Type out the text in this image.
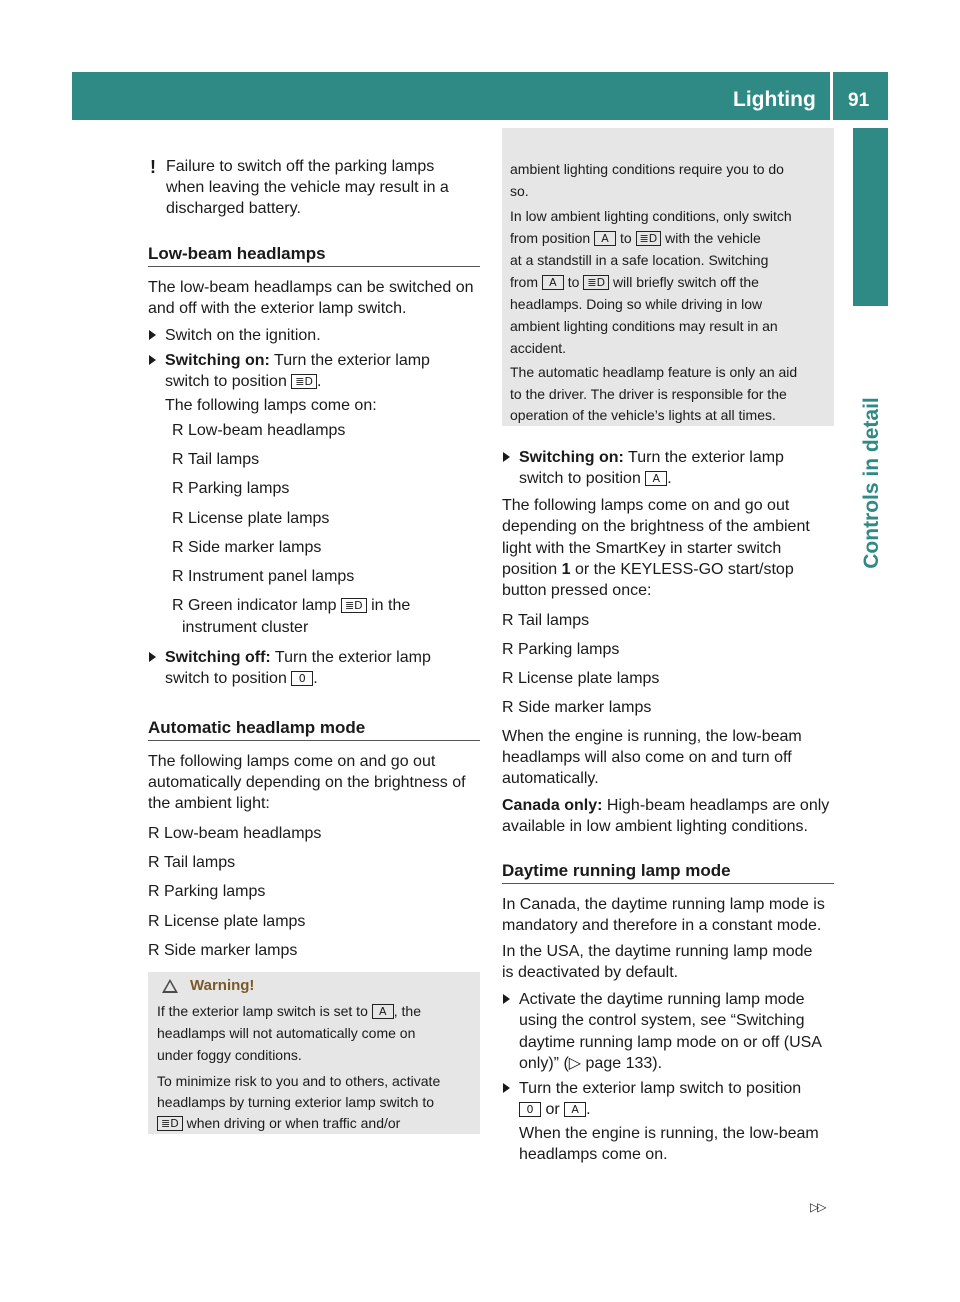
Lighting 91
Controls in detail
! Failure to switch off the parking lamps when leaving the vehicle may result in a discharged battery.
Low-beam headlamps
The low-beam headlamps can be switched on and off with the exterior lamp switch.
Switch on the ignition.
Switching on: Turn the exterior lamp switch to position ≣D .
The following lamps come on:
R Low-beam headlamps
R Tail lamps
R Parking lamps
R License plate lamps
R Side marker lamps
R Instrument panel lamps
R Green indicator lamp ≣D in the
instrument cluster
Switching off: Turn the exterior lamp switch to position 0 .
Automatic headlamp mode
The following lamps come on and go out automatically depending on the brightness of the ambient light:
R Low-beam headlamps
R Tail lamps
R Parking lamps
R License plate lamps
R Side marker lamps
Warning!
If the exterior lamp switch is set to A , the
headlamps will not automatically come on
under foggy conditions.
To minimize risk to you and to others, activate
headlamps by turning exterior lamp switch to
≣D when driving or when traffic and/or
ambient lighting conditions require you to do
so.
In low ambient lighting conditions, only switch
from position A to ≣D with the vehicle
at a standstill in a safe location. Switching
from A to ≣D will briefly switch off the
headlamps. Doing so while driving in low
ambient lighting conditions may result in an
accident.
The automatic headlamp feature is only an aid
to the driver. The driver is responsible for the
operation of the vehicle’s lights at all times.
Switching on: Turn the exterior lamp
switch to position A .
The following lamps come on and go out
depending on the brightness of the ambient
light with the SmartKey in starter switch
position 1 or the KEYLESS-GO start/stop
button pressed once:
R Tail lamps
R Parking lamps
R License plate lamps
R Side marker lamps
When the engine is running, the low-beam
headlamps will also come on and turn off
automatically.
Canada only: High-beam headlamps are only
available in low ambient lighting conditions.
Daytime running lamp mode
In Canada, the daytime running lamp mode is
mandatory and therefore in a constant mode.
In the USA, the daytime running lamp mode
is deactivated by default.
Activate the daytime running lamp mode
using the control system, see “Switching
daytime running lamp mode on or off (USA
only)” (▷ page 133).
Turn the exterior lamp switch to position
0 or A .
When the engine is running, the low-beam
headlamps come on.
▷▷
